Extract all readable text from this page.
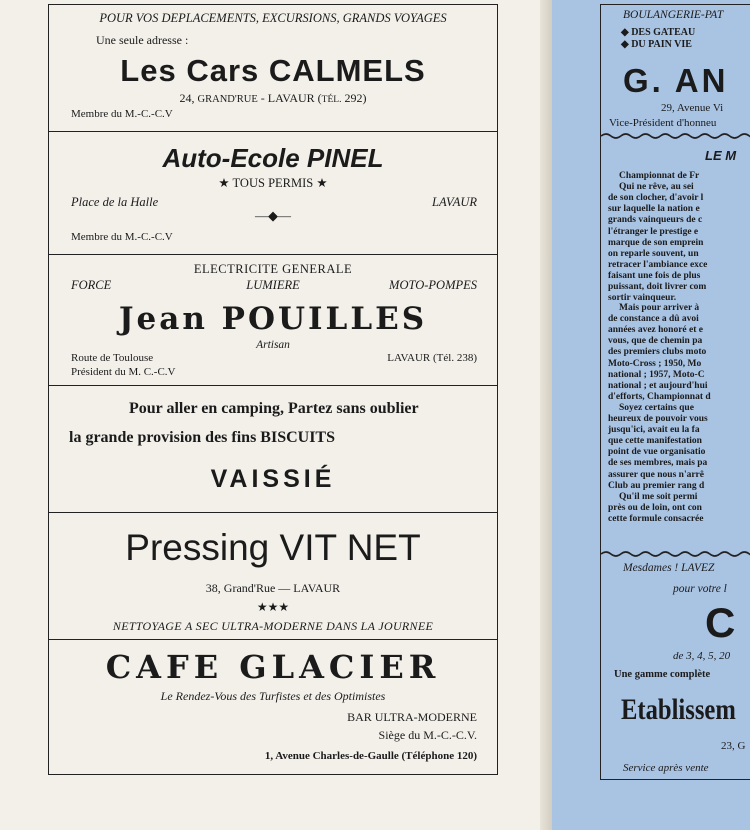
POUR VOS DEPLACEMENTS, EXCURSIONS, GRANDS VOYAGES
Une seule adresse :
Les Cars CALMELS
24, GRAND'RUE - LAVAUR (TÉL. 292)
Membre du M.-C.-C.V
Auto-Ecole PINEL
★ TOUS PERMIS ★
Place de la Halle	LAVAUR
—◆—
Membre du M.-C.-C.V
ELECTRICITE GENERALE
FORCE	LUMIERE	MOTO-POMPES
Jean POUILLES
Artisan
Route de Toulouse	LAVAUR (Tél. 238)
Président du M. C.-C.V
Pour aller en camping, Partez sans oublier
la grande provision des fins BISCUITS
VAISSIÉ
Pressing VIT NET
38, Grand'Rue — LAVAUR
★★★
NETTOYAGE A SEC ULTRA-MODERNE DANS LA JOURNEE
CAFE GLACIER
Le Rendez-Vous des Turfistes et des Optimistes
BAR ULTRA-MODERNE
Siège du M.-C.-C.V.
1, Avenue Charles-de-Gaulle (Téléphone 120)
BOULANGERIE-PAT
◆ DES GATEAU
◆ DU PAIN VIE
G. AN
29, Avenue Vi
Vice-Président d'honneu
LE M
Championnat de Fr
Qui ne rêve, au sei
de son clocher, d'avoir l
sur laquelle la nation e
grands vainqueurs de c
l'étranger le prestige e
marque de son emprein
on reparle souvent, un
retracer l'ambiance exce
faisant une fois de plus
puissant, doit livrer com
sortir vainqueur.
Mais pour arriver à
de constance a dû avoi
années avez honoré et e
vous, que de chemin pa
des premiers clubs moto
Moto-Cross ; 1950, Mo
national ; 1957, Moto-C
national ; et aujourd'hui
d'efforts, Championnat d
Soyez certains que
heureux de pouvoir vous
jusqu'ici, avait eu la fa
que cette manifestation
point de vue organisatio
de ses membres, mais pa
assurer que nous n'arrê
Club au premier rang d
Qu'il me soit permi
près ou de loin, ont con
cette formule consacrée
Mesdames ! LAVEZ
pour votre l
C
de 3, 4, 5, 20
Une gamme complète
Etablissem
23, G
Service après vente
